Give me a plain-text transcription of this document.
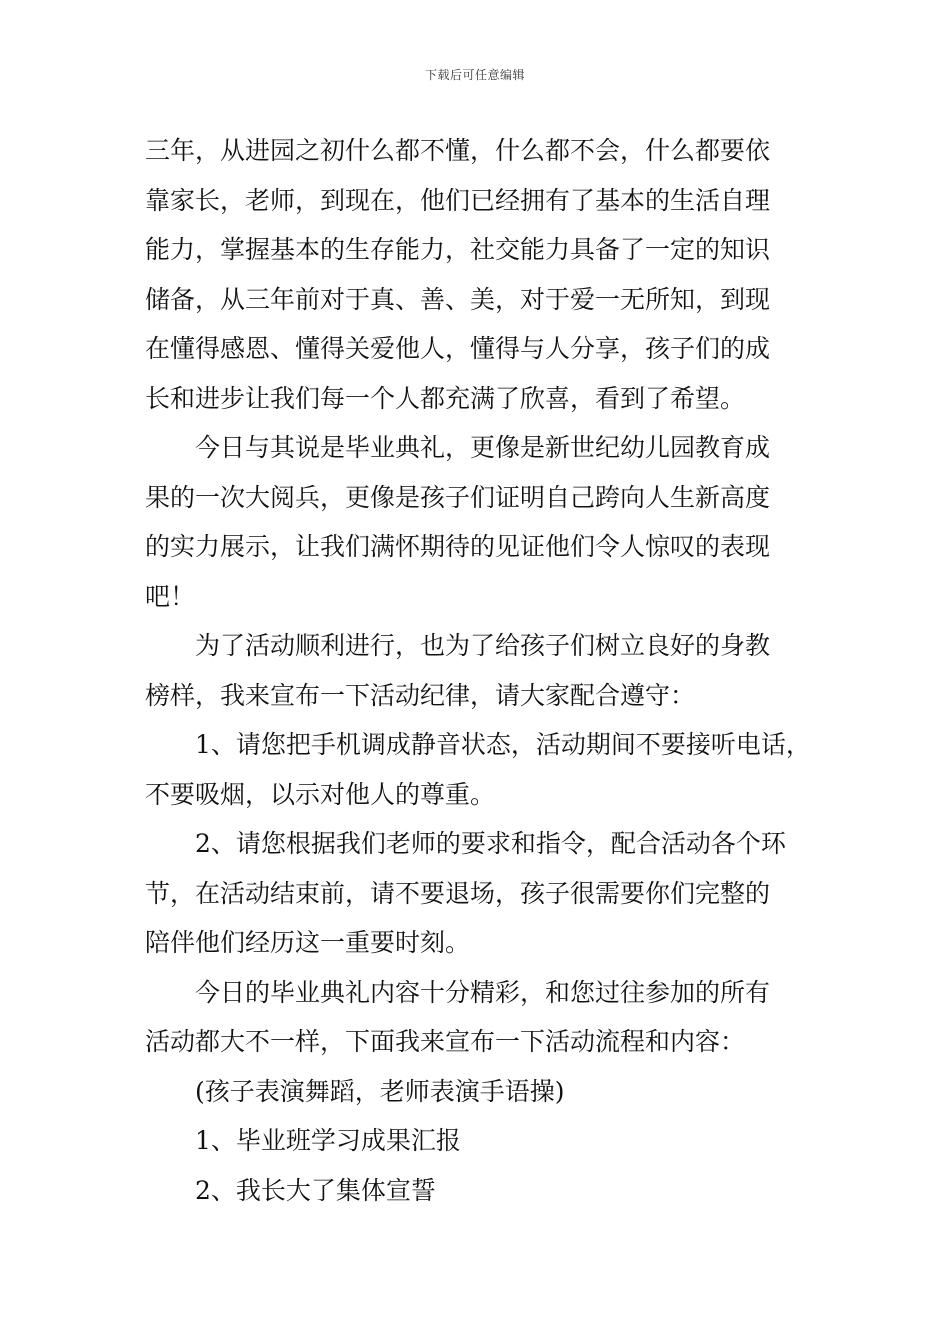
下载后可任意编辑
三年，从进园之初什么都不懂，什么都不会，什么都要依
靠家长，老师，到现在，他们已经拥有了基本的生活自理
能力，掌握基本的生存能力，社交能力具备了一定的知识
储备，从三年前对于真、善、美，对于爱一无所知，到现
在懂得感恩、懂得关爱他人，懂得与人分享，孩子们的成
长和进步让我们每一个人都充满了欣喜，看到了希望。
今日与其说是毕业典礼，更像是新世纪幼儿园教育成
果的一次大阅兵，更像是孩子们证明自己跨向人生新高度
的实力展示，让我们满怀期待的见证他们令人惊叹的表现
吧！
为了活动顺利进行，也为了给孩子们树立良好的身教
榜样，我来宣布一下活动纪律，请大家配合遵守：
1、请您把手机调成静音状态，活动期间不要接听电话，
不要吸烟，以示对他人的尊重。
2、请您根据我们老师的要求和指令，配合活动各个环
节，在活动结束前，请不要退场，孩子很需要你们完整的
陪伴他们经历这一重要时刻。
今日的毕业典礼内容十分精彩，和您过往参加的所有
活动都大不一样，下面我来宣布一下活动流程和内容：
(孩子表演舞蹈，老师表演手语操)
1、毕业班学习成果汇报
2、我长大了集体宣誓
